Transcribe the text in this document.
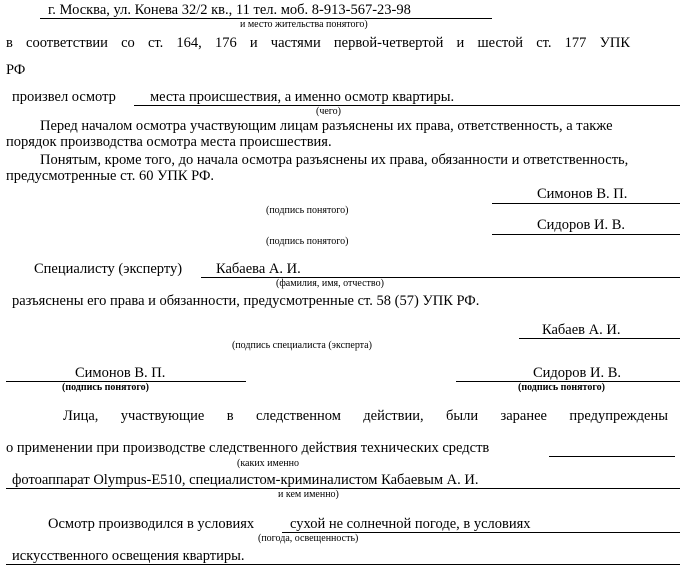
г. Москва, ул. Конева 32/2 кв., 11 тел. моб. 8-913-567-23-98
и место жительства понятого)
в соответствии со ст. 164, 176 и частями первой-четвертой и шестой ст. 177 УПК
РФ
произвел осмотр места происшествия, а именно осмотр квартиры.
(чего)
Перед началом осмотра участвующим лицам разъяснены их права, ответственность, а также
порядок производства осмотра места происшествия.
Понятым, кроме того, до начала осмотра разъяснены их права, обязанности и ответственность,
предусмотренные ст. 60 УПК РФ.
Симонов В. П.
(подпись понятого)
Сидоров И. В.
(подпись понятого)
Специалисту (эксперту) Кабаева А. И.
(фамилия, имя, отчество)
разъяснены его права и обязанности, предусмотренные ст. 58 (57) УПК РФ.
Кабаев А. И.
(подпись специалиста (эксперта)
Симонов В. П.
(подпись понятого)
Сидоров И. В.
(подпись понятого)
Лица, участвующие в следственном действии, были заранее предупреждены
о применении при производстве следственного действия технических средств
(каких именно
фотоаппарат Olympus-E510, специалистом-криминалистом Кабаевым А. И.
и кем именно)
Осмотр производился в условиях сухой не солнечной погоде, в условиях
(погода, освещенность)
искусственного освещения квартиры.
